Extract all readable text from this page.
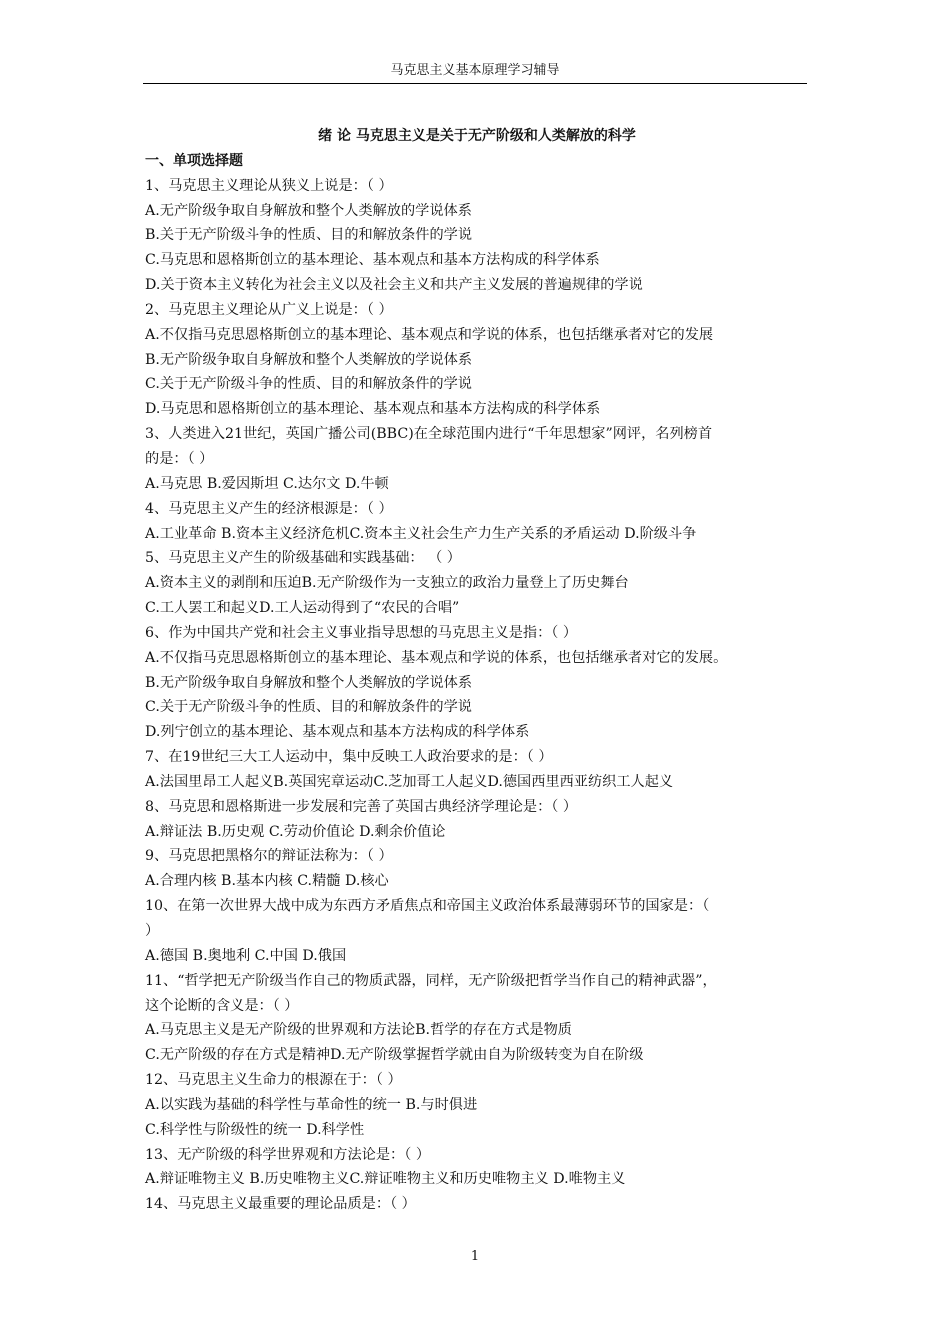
马克思主义基本原理学习辅导
绪 论 马克思主义是关于无产阶级和人类解放的科学
一、单项选择题
1、马克思主义理论从狭义上说是：（ ）
A.无产阶级争取自身解放和整个人类解放的学说体系
B.关于无产阶级斗争的性质、目的和解放条件的学说
C.马克思和恩格斯创立的基本理论、基本观点和基本方法构成的科学体系
D.关于资本主义转化为社会主义以及社会主义和共产主义发展的普遍规律的学说
2、马克思主义理论从广义上说是：（ ）
A.不仅指马克思恩格斯创立的基本理论、基本观点和学说的体系，也包括继承者对它的发展
B.无产阶级争取自身解放和整个人类解放的学说体系
C.关于无产阶级斗争的性质、目的和解放条件的学说
D.马克思和恩格斯创立的基本理论、基本观点和基本方法构成的科学体系
3、人类进入21世纪，英国广播公司(BBC)在全球范围内进行“千年思想家”网评，名列榜首
的是：（ ）
A.马克思 B.爱因斯坦 C.达尔文 D.牛顿
4、马克思主义产生的经济根源是：（ ）
A.工业革命 B.资本主义经济危机C.资本主义社会生产力生产关系的矛盾运动 D.阶级斗争
5、马克思主义产生的阶级基础和实践基础： （ ）
A.资本主义的剥削和压迫B.无产阶级作为一支独立的政治力量登上了历史舞台
C.工人罢工和起义D.工人运动得到了“农民的合唱”
6、作为中国共产党和社会主义事业指导思想的马克思主义是指：（ ）
A.不仅指马克思恩格斯创立的基本理论、基本观点和学说的体系，也包括继承者对它的发展。
B.无产阶级争取自身解放和整个人类解放的学说体系
C.关于无产阶级斗争的性质、目的和解放条件的学说
D.列宁创立的基本理论、基本观点和基本方法构成的科学体系
7、在19世纪三大工人运动中，集中反映工人政治要求的是：（ ）
A.法国里昂工人起义B.英国宪章运动C.芝加哥工人起义D.德国西里西亚纺织工人起义
8、马克思和恩格斯进一步发展和完善了英国古典经济学理论是：（ ）
A.辩证法 B.历史观 C.劳动价值论 D.剩余价值论
9、马克思把黑格尔的辩证法称为：（ ）
A.合理内核 B.基本内核 C.精髓 D.核心
10、在第一次世界大战中成为东西方矛盾焦点和帝国主义政治体系最薄弱环节的国家是：（
）
A.德国 B.奥地利 C.中国 D.俄国
11、“哲学把无产阶级当作自己的物质武器，同样，无产阶级把哲学当作自己的精神武器”，
这个论断的含义是：（ ）
A.马克思主义是无产阶级的世界观和方法论B.哲学的存在方式是物质
C.无产阶级的存在方式是精神D.无产阶级掌握哲学就由自为阶级转变为自在阶级
12、马克思主义生命力的根源在于：（ ）
A.以实践为基础的科学性与革命性的统一 B.与时俱进
C.科学性与阶级性的统一 D.科学性
13、无产阶级的科学世界观和方法论是：（ ）
A.辩证唯物主义 B.历史唯物主义C.辩证唯物主义和历史唯物主义 D.唯物主义
14、马克思主义最重要的理论品质是：（ ）
1
